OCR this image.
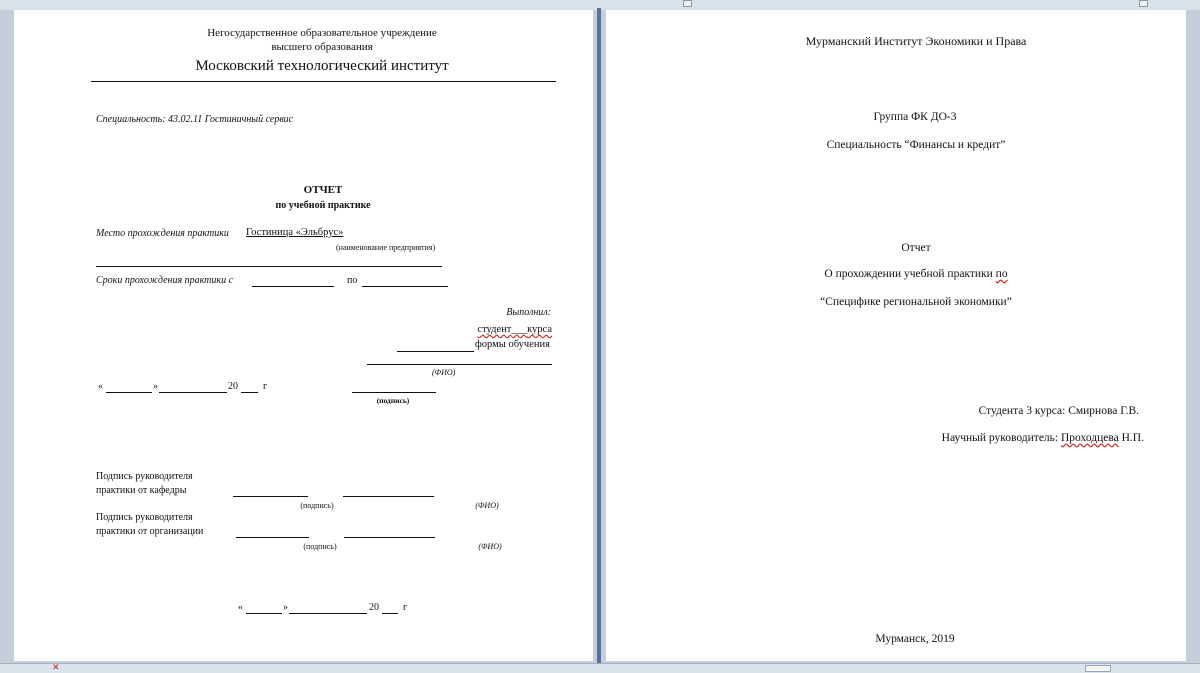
Негосударственное образовательное учреждение
высшего образования
Московский технологический институт
Специальность: 43.02.11 Гостиничный сервис
ОТЧЕТ
по учебной практике
Место прохождения практики Гостиница «Эльбрус»
(наименование предприятия)
Сроки прохождения практики с	по
Выполнил:
студент___курса
формы обучения
(ФИО)
«	»	20	г
(подпись)
Подпись руководителя
практики от кафедры
(подпись)	(ФИО)
Подпись руководителя
практики от организации
(подпись)	(ФИО)
«	»	20 г
Мурманский Институт Экономики и Права
Группа ФК ДО-3
Специальность “Финансы и кредит”
Отчет
О прохождении учебной практики по
“Специфике региональной экономики”
Студента 3 курса: Смирнова Г.В.
Научный руководитель: Проходцева Н.П.
Мурманск, 2019
✕
